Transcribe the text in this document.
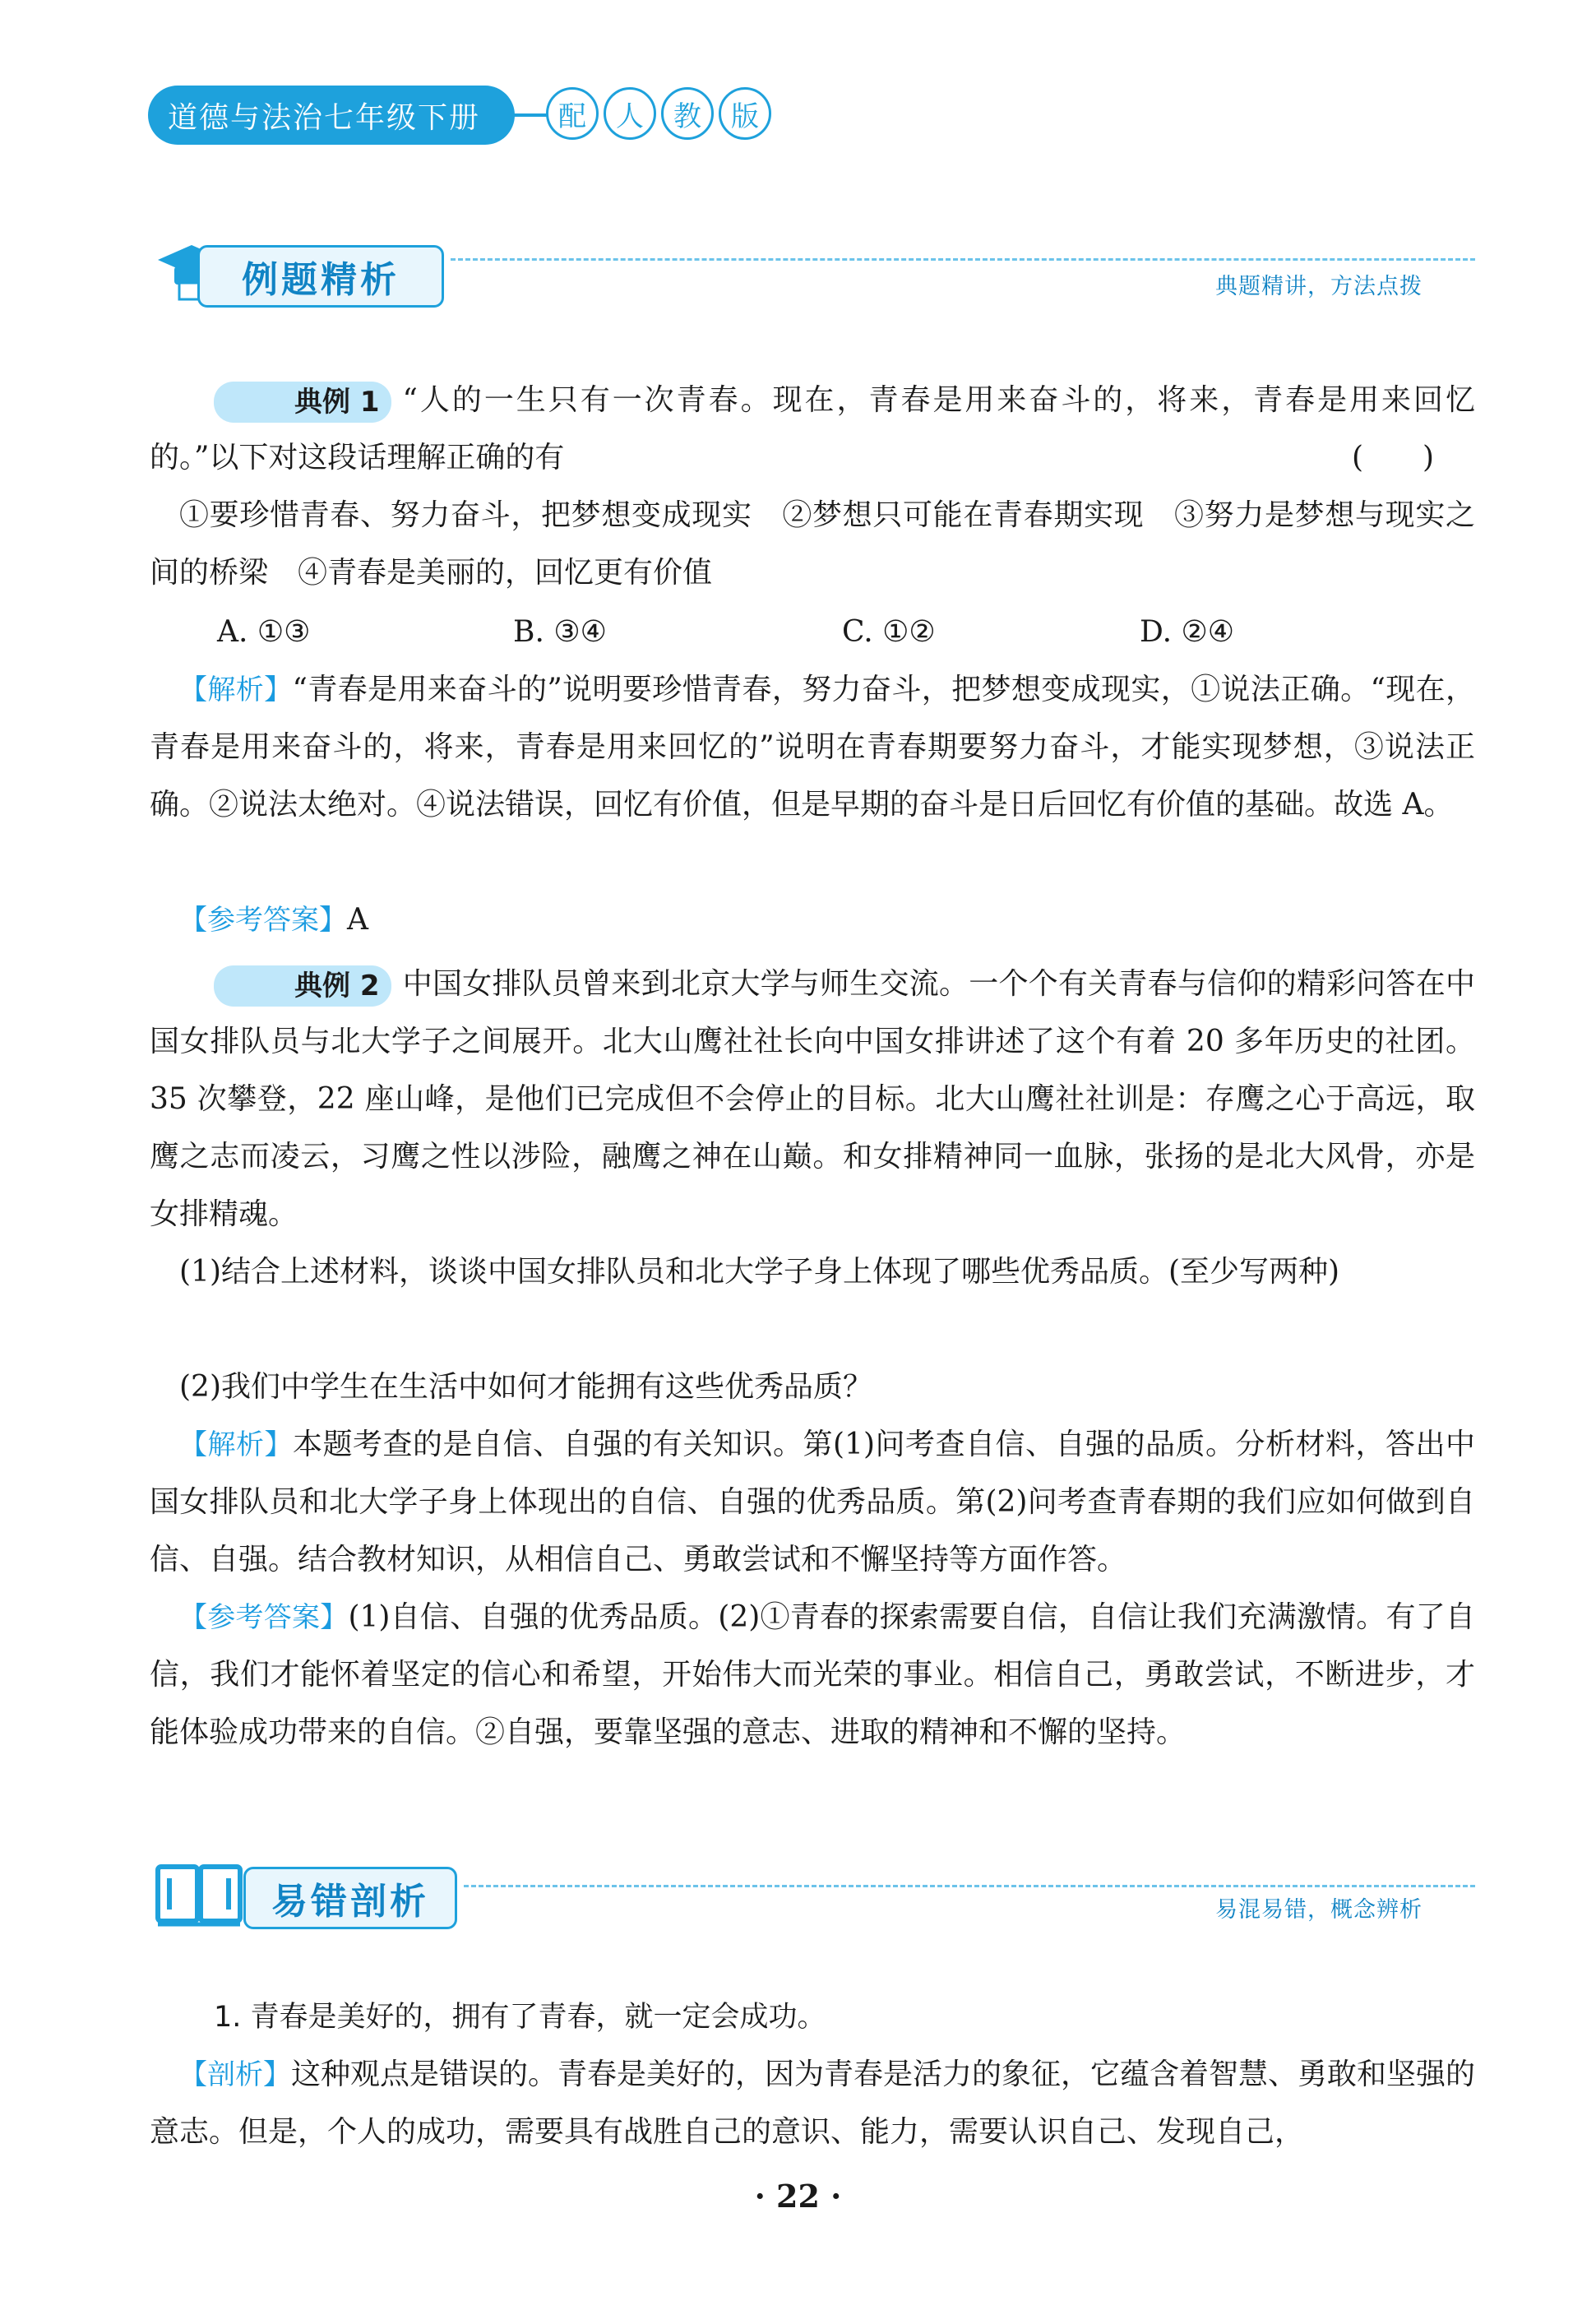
道德与法治七年级下册	配	人	教	版
例题精析	典题精讲，方法点拨

典例 1 “人的一生只有一次青春。现在，青春是用来奋斗的，将来，青春是用来回忆的。”以下对这段话理解正确的有	(　　)

①要珍惜青春、努力奋斗，把梦想变成现实　②梦想只可能在青春期实现　③努力是梦想与现实之间的桥梁　④青春是美丽的，回忆更有价值

A. ①③	B. ③④	C. ①②	D. ②④

【解析】“青春是用来奋斗的”说明要珍惜青春，努力奋斗，把梦想变成现实，①说法正确。“现在，青春是用来奋斗的，将来，青春是用来回忆的”说明在青春期要努力奋斗，才能实现梦想，③说法正确。②说法太绝对。④说法错误，回忆有价值，但是早期的奋斗是日后回忆有价值的基础。故选 A。

【参考答案】A

典例 2 中国女排队员曾来到北京大学与师生交流。一个个有关青春与信仰的精彩问答在中国女排队员与北大学子之间展开。北大山鹰社社长向中国女排讲述了这个有着 20 多年历史的社团。35 次攀登，22 座山峰，是他们已完成但不会停止的目标。北大山鹰社社训是：存鹰之心于高远，取鹰之志而凌云，习鹰之性以涉险，融鹰之神在山巅。和女排精神同一血脉，张扬的是北大风骨，亦是女排精魂。

(1)结合上述材料，谈谈中国女排队员和北大学子身上体现了哪些优秀品质。(至少写两种)

(2)我们中学生在生活中如何才能拥有这些优秀品质？

【解析】本题考查的是自信、自强的有关知识。第(1)问考查自信、自强的品质。分析材料，答出中国女排队员和北大学子身上体现出的自信、自强的优秀品质。第(2)问考查青春期的我们应如何做到自信、自强。结合教材知识，从相信自己、勇敢尝试和不懈坚持等方面作答。

【参考答案】(1)自信、自强的优秀品质。(2)①青春的探索需要自信，自信让我们充满激情。有了自信，我们才能怀着坚定的信心和希望，开始伟大而光荣的事业。相信自己，勇敢尝试，不断进步，才能体验成功带来的自信。②自强，要靠坚强的意志、进取的精神和不懈的坚持。

易错剖析	易混易错，概念辨析

1. 青春是美好的，拥有了青春，就一定会成功。

【剖析】这种观点是错误的。青春是美好的，因为青春是活力的象征，它蕴含着智慧、勇敢和坚强的意志。但是，个人的成功，需要具有战胜自己的意识、能力，需要认识自己、发现自己，

· 22 ·
